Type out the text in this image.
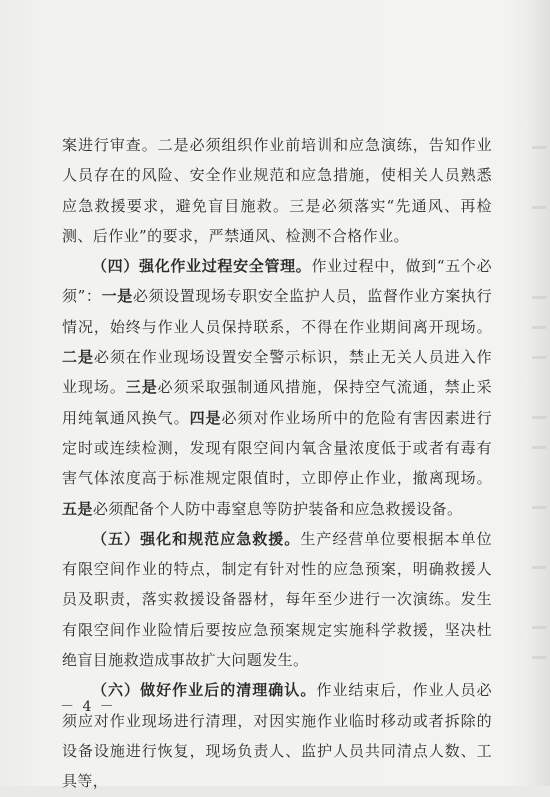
案进行审查。二是必须组织作业前培训和应急演练，告知作业人员存在的风险、安全作业规范和应急措施，使相关人员熟悉应急救援要求，避免盲目施救。三是必须落实“先通风、再检测、后作业”的要求，严禁通风、检测不合格作业。

（四）强化作业过程安全管理。作业过程中，做到“五个必须”：一是必须设置现场专职安全监护人员，监督作业方案执行情况，始终与作业人员保持联系，不得在作业期间离开现场。二是必须在作业现场设置安全警示标识，禁止无关人员进入作业现场。三是必须采取强制通风措施，保持空气流通，禁止采用纯氧通风换气。四是必须对作业场所中的危险有害因素进行定时或连续检测，发现有限空间内氧含量浓度低于或者有毒有害气体浓度高于标准规定限值时，立即停止作业，撤离现场。五是必须配备个人防中毒窒息等防护装备和应急救援设备。

（五）强化和规范应急救援。生产经营单位要根据本单位有限空间作业的特点，制定有针对性的应急预案，明确救援人员及职责，落实救援设备器材，每年至少进行一次演练。发生有限空间作业险情后要按应急预案规定实施科学救援，坚决杜绝盲目施救造成事故扩大问题发生。

（六）做好作业后的清理确认。作业结束后，作业人员必须应对作业现场进行清理，对因实施作业临时移动或者拆除的设备设施进行恢复，现场负责人、监护人员共同清点人数、工具等，

－ 4 －
